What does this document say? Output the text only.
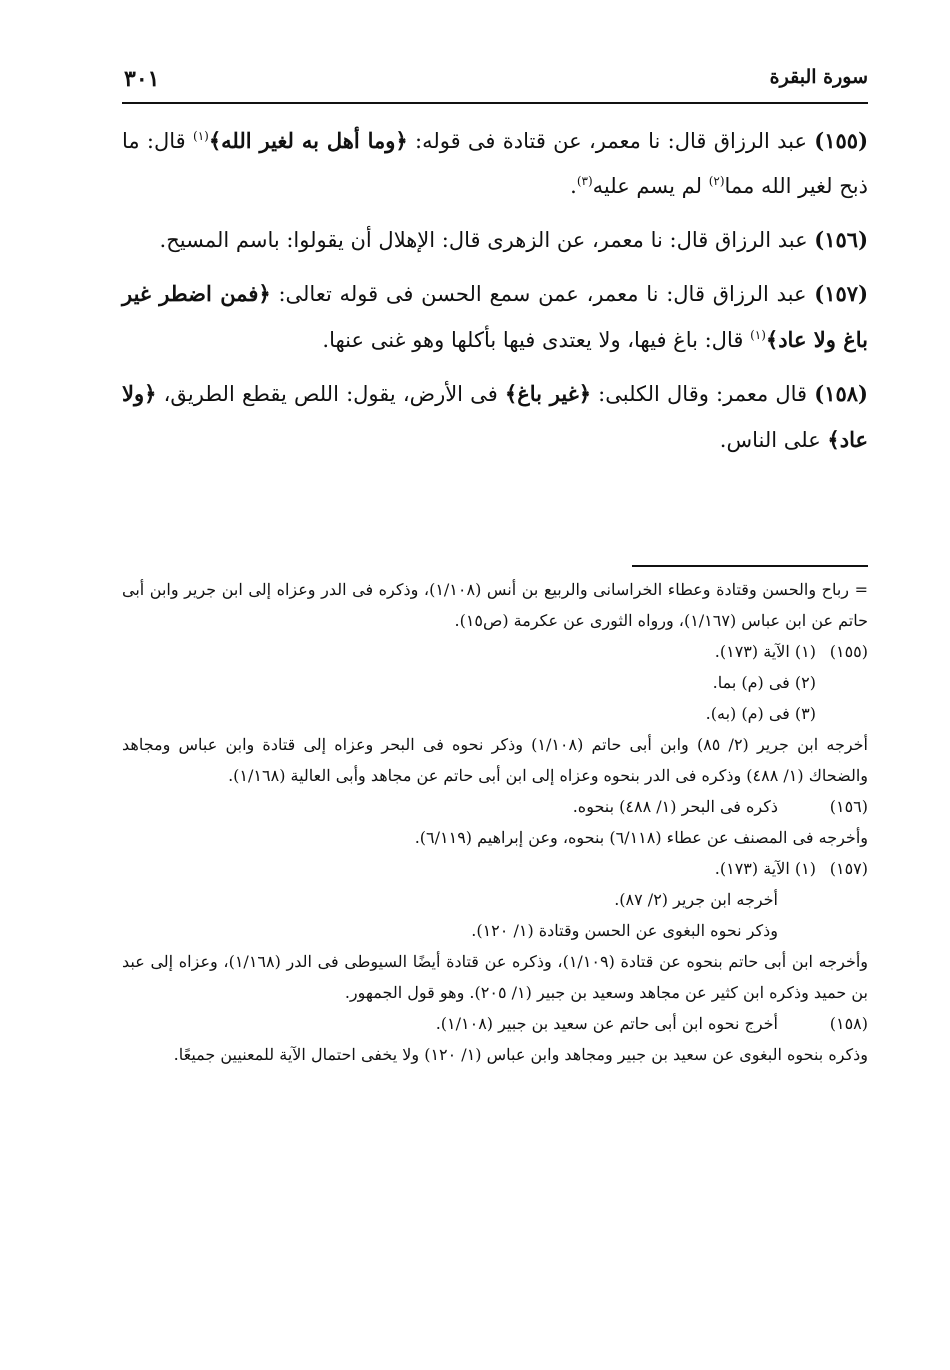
سورة البقرة
٣٠١

(١٥٥) عبد الرزاق قال: نا معمر، عن قتادة فى قوله: ﴿وما أهل به لغير الله﴾$^{(١)}$ قال: ما ذبح لغير الله مما$^{(٢)}$ لم يسم عليه$^{(٣)}$.

(١٥٦) عبد الرزاق قال: نا معمر، عن الزهرى قال: الإهلال أن يقولوا: باسم المسيح.

(١٥٧) عبد الرزاق قال: نا معمر، عمن سمع الحسن فى قوله تعالى: ﴿فمن اضطر غير باغ ولا عاد﴾$^{(١)}$ قال: باغ فيها، ولا يعتدى فيها بأكلها وهو غنى عنها.

(١٥٨) قال معمر: وقال الكلبى: ﴿غير باغ﴾ فى الأرض، يقول: اللص يقطع الطريق، ﴿ولا عاد﴾ على الناس.

= رباح والحسن وقتادة وعطاء الخراسانى والربيع بن أنس (١/١٠٨)، وذكره فى الدر وعزاه إلى ابن جرير وابن أبى حاتم عن ابن عباس (١/١٦٧)، ورواه الثورى عن عكرمة (ص١٥).
(١٥٥)
(١) الآية (١٧٣).
(٢) فى (م) بما.
(٣) فى (م) (به).
أخرجه ابن جرير (٢/ ٨٥) وابن أبى حاتم (١/١٠٨) وذكر نحوه فى البحر وعزاه إلى قتادة وابن عباس ومجاهد والضحاك (١/ ٤٨٨) وذكره فى الدر بنحوه وعزاه إلى ابن أبى حاتم عن مجاهد وأبى العالية (١/١٦٨).
(١٥٦)
ذكره فى البحر (١/ ٤٨٨) بنحوه.
وأخرجه فى المصنف عن عطاء (٦/١١٨) بنحوه، وعن إبراهيم (٦/١١٩).
(١٥٧)
(١) الآية (١٧٣).
أخرجه ابن جرير (٢/ ٨٧).
وذكر نحوه البغوى عن الحسن وقتادة (١/ ١٢٠).
وأخرجه ابن أبى حاتم بنحوه عن قتادة (١/١٠٩)، وذكره عن قتادة أيضًا السيوطى فى الدر (١/١٦٨)، وعزاه إلى عبد بن حميد وذكره ابن كثير عن مجاهد وسعيد بن جبير (١/ ٢٠٥). وهو قول الجمهور.
(١٥٨)
أخرج نحوه ابن أبى حاتم عن سعيد بن جبير (١/١٠٨).
وذكره بنحوه البغوى عن سعيد بن جبير ومجاهد وابن عباس (١/ ١٢٠) ولا يخفى احتمال الآية للمعنيين جميعًا.
